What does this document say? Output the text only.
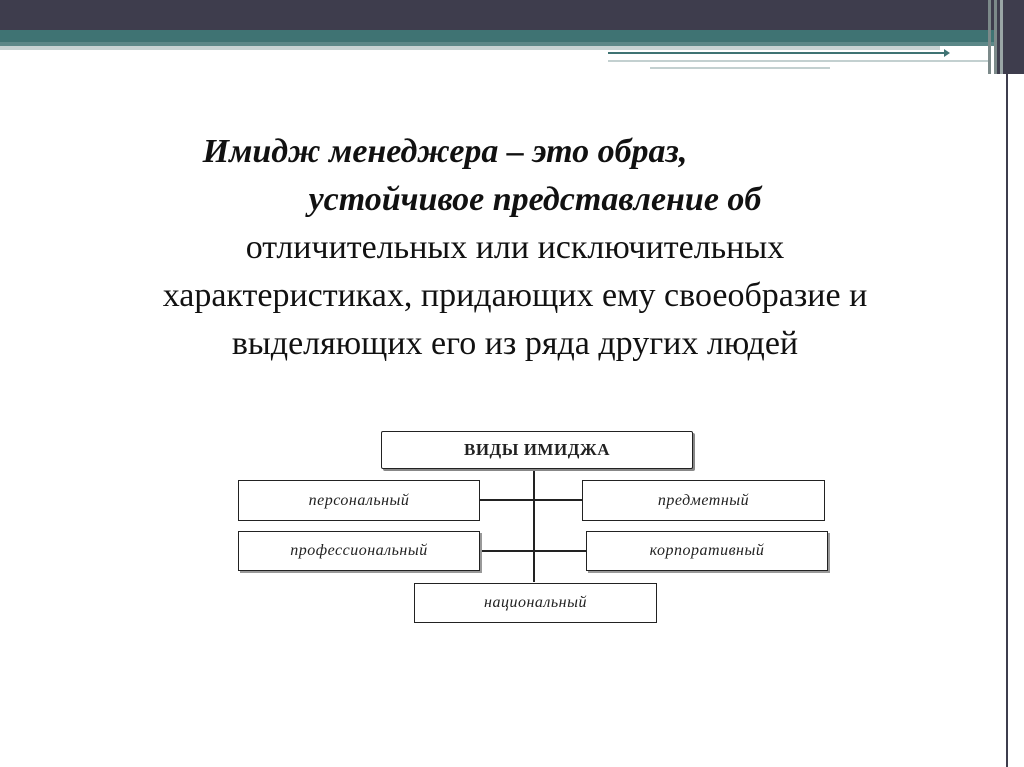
Имидж менеджера – это образ,
устойчивое представление об
отличительных или исключительных
характеристиках, придающих ему своеобразие и
выделяющих его из ряда других людей
ВИДЫ ИМИДЖА
персональный	предметный
профессиональный	корпоративный
национальный
